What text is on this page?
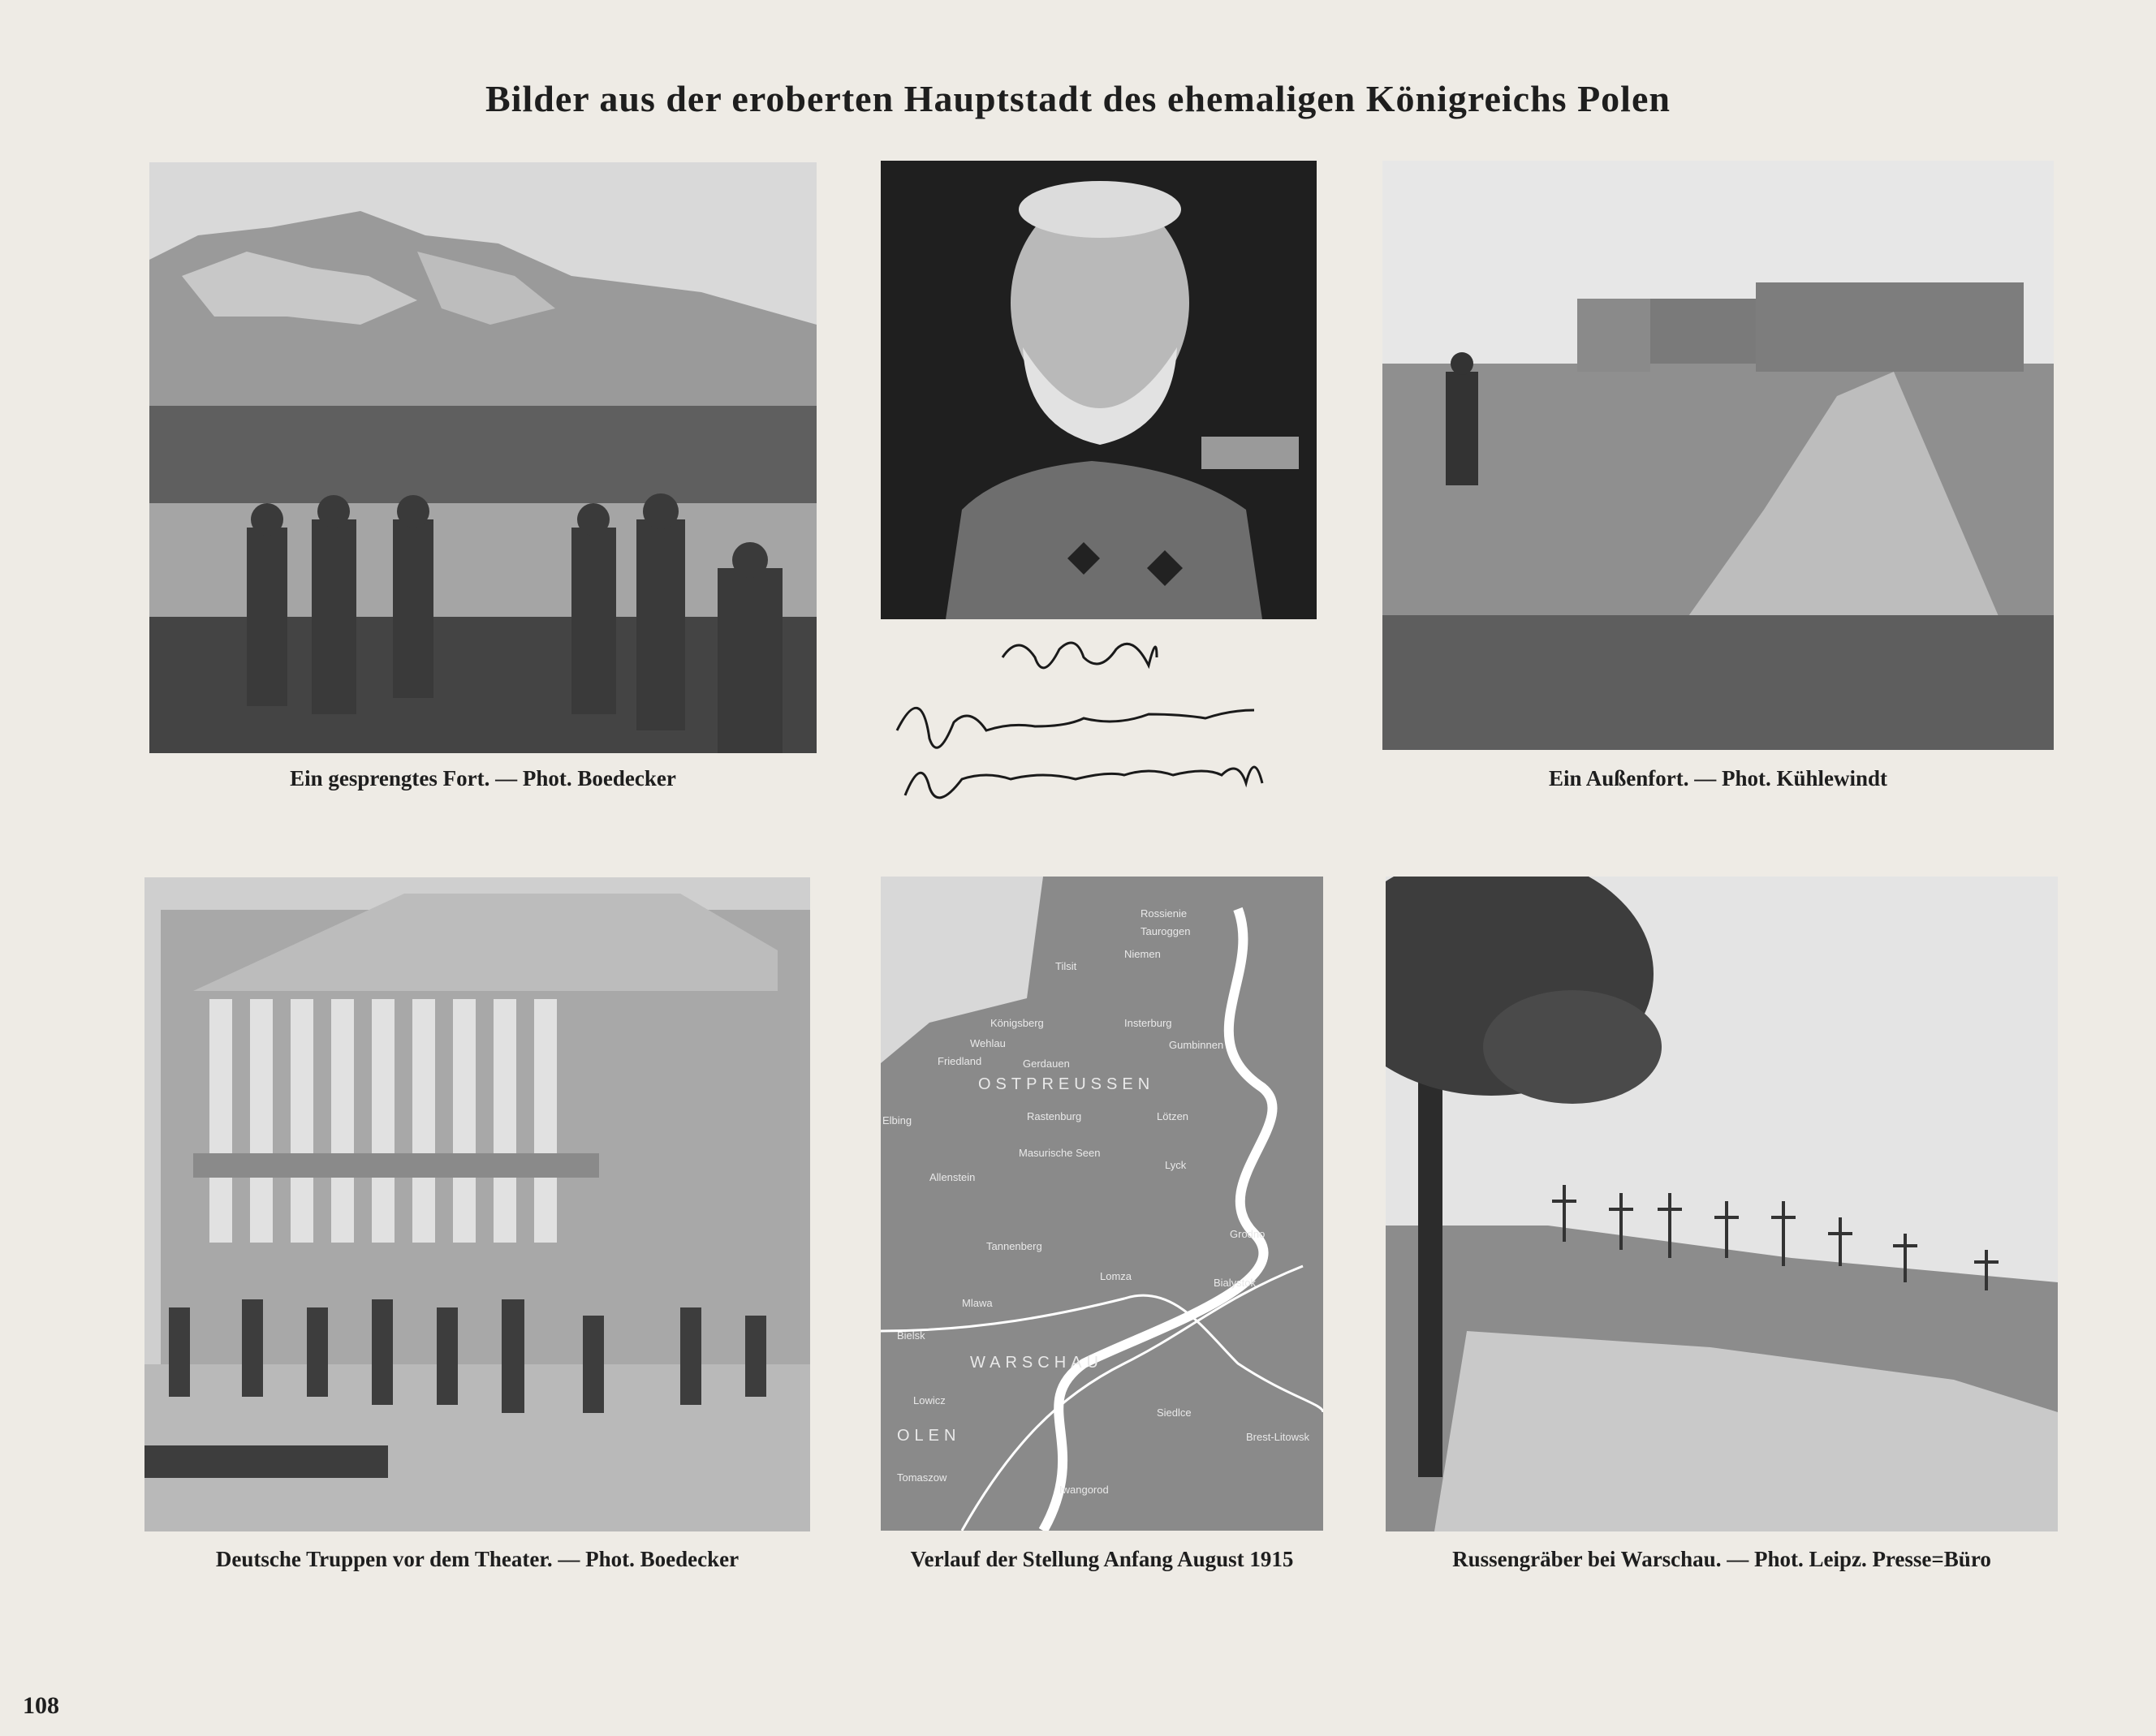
Bilder aus der eroberten Hauptstadt des ehemaligen Königreichs Polen
Ein gesprengtes Fort. — Phot. Boedecker	Ein Außenfort. — Phot. Kühlewindt
Deutsche Truppen vor dem Theater. — Phot. Boedecker
Rossienie
Tauroggen
Tilsit
Niemen
Königsberg	Insterburg
Wehlau
Friedland	Gerdauen
Gumbinnen
OSTPREUSSEN
Rastenburg	Lötzen
Masurische Seen
Allenstein
Lyck
Elbing
Tannenberg
Mlawa
Lomza
Grodno
Bialystok
Bielsk
WARSCHAU
Lowicz
Siedlce
Brest-Litowsk
Iwangorod
Tomaszow
OLEN
Verlauf der Stellung Anfang August 1915	Russengräber bei Warschau. — Phot. Leipz. Presse=Büro
108
